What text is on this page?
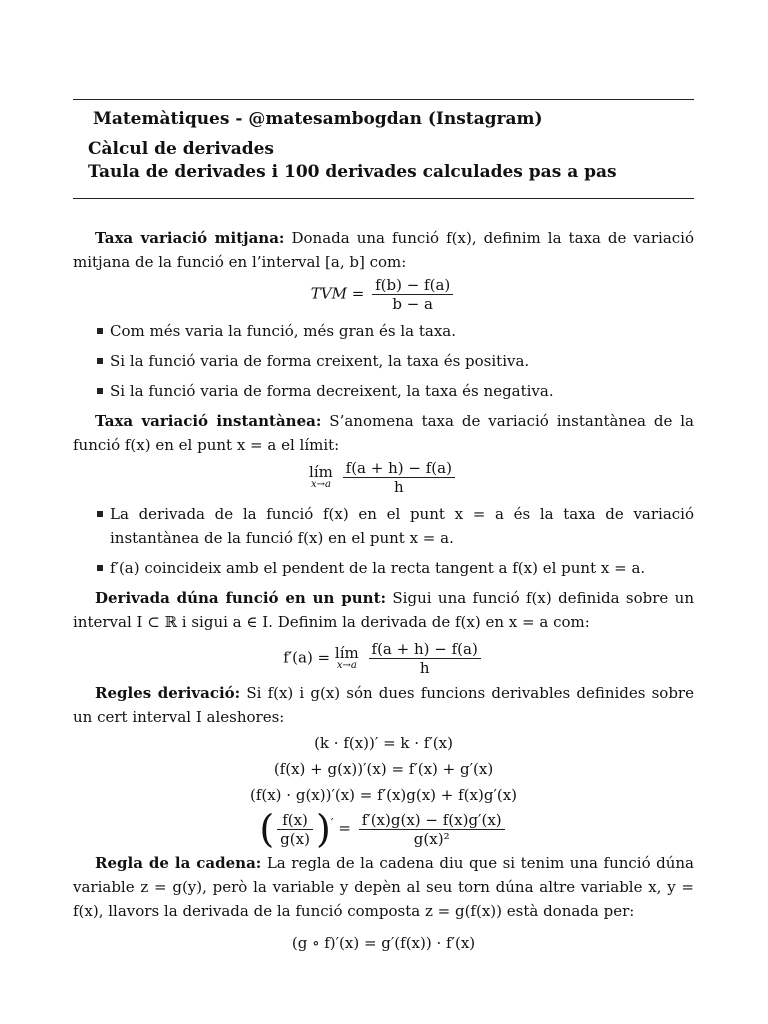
Matemàtiques - @matesambogdan (Instagram)
Càlcul de derivades
Taula de derivades i 100 derivades calculades pas a pas

Taxa variació mitjana: Donada una funció f(x), definim la taxa de variació mitjana de la funció en l’interval [a, b] com:

TVM = $\frac{f(b) - f(a)}{b - a}$
Com més varia la funció, més gran és la taxa.
Si la funció varia de forma creixent, la taxa és positiva.
Si la funció varia de forma decreixent, la taxa és negativa.

Taxa variació instantànea: S’anomena taxa de variació instantànea de la funció f(x) en el punt x = a el límit:

lím
x→a
$\frac{f(a + h) - f(a)}{h}$
La derivada de la funció f(x) en el punt x = a és la taxa de variació instantànea de la funció f(x) en el punt x = a.
f′(a) coincideix amb el pendent de la recta tangent a f(x) el punt x = a.

Derivada dúna funció en un punt: Sigui una funció f(x) definida sobre un interval I ⊂ ℝ i sigui a ∈ I. Definim la derivada de f(x) en x = a com:

f′(a) = lím
x→a
$\frac{f(a + h) - f(a)}{h}$

Regles derivació: Si f(x) i g(x) són dues funcions derivables definides sobre un cert interval I aleshores:

(k · f(x))′ = k · f′(x)
(f(x) + g(x))′(x) = f′(x) + g′(x)
(f(x) · g(x))′(x) = f′(x)g(x) + f(x)g′(x)
( $\frac{f(x)}{g(x)} )' = \frac{f'(x)g(x) - f(x)g'(x)}{\text{g(x)²}}$

Regla de la cadena: La regla de la cadena diu que si tenim una funció dúna variable z = g(y), però la variable y depèn al seu torn dúna altre variable x, y = f(x), llavors la derivada de la funció composta z = g(f(x)) està donada per:

(g ∘ f)′(x) = g′(f(x)) · f′(x)
